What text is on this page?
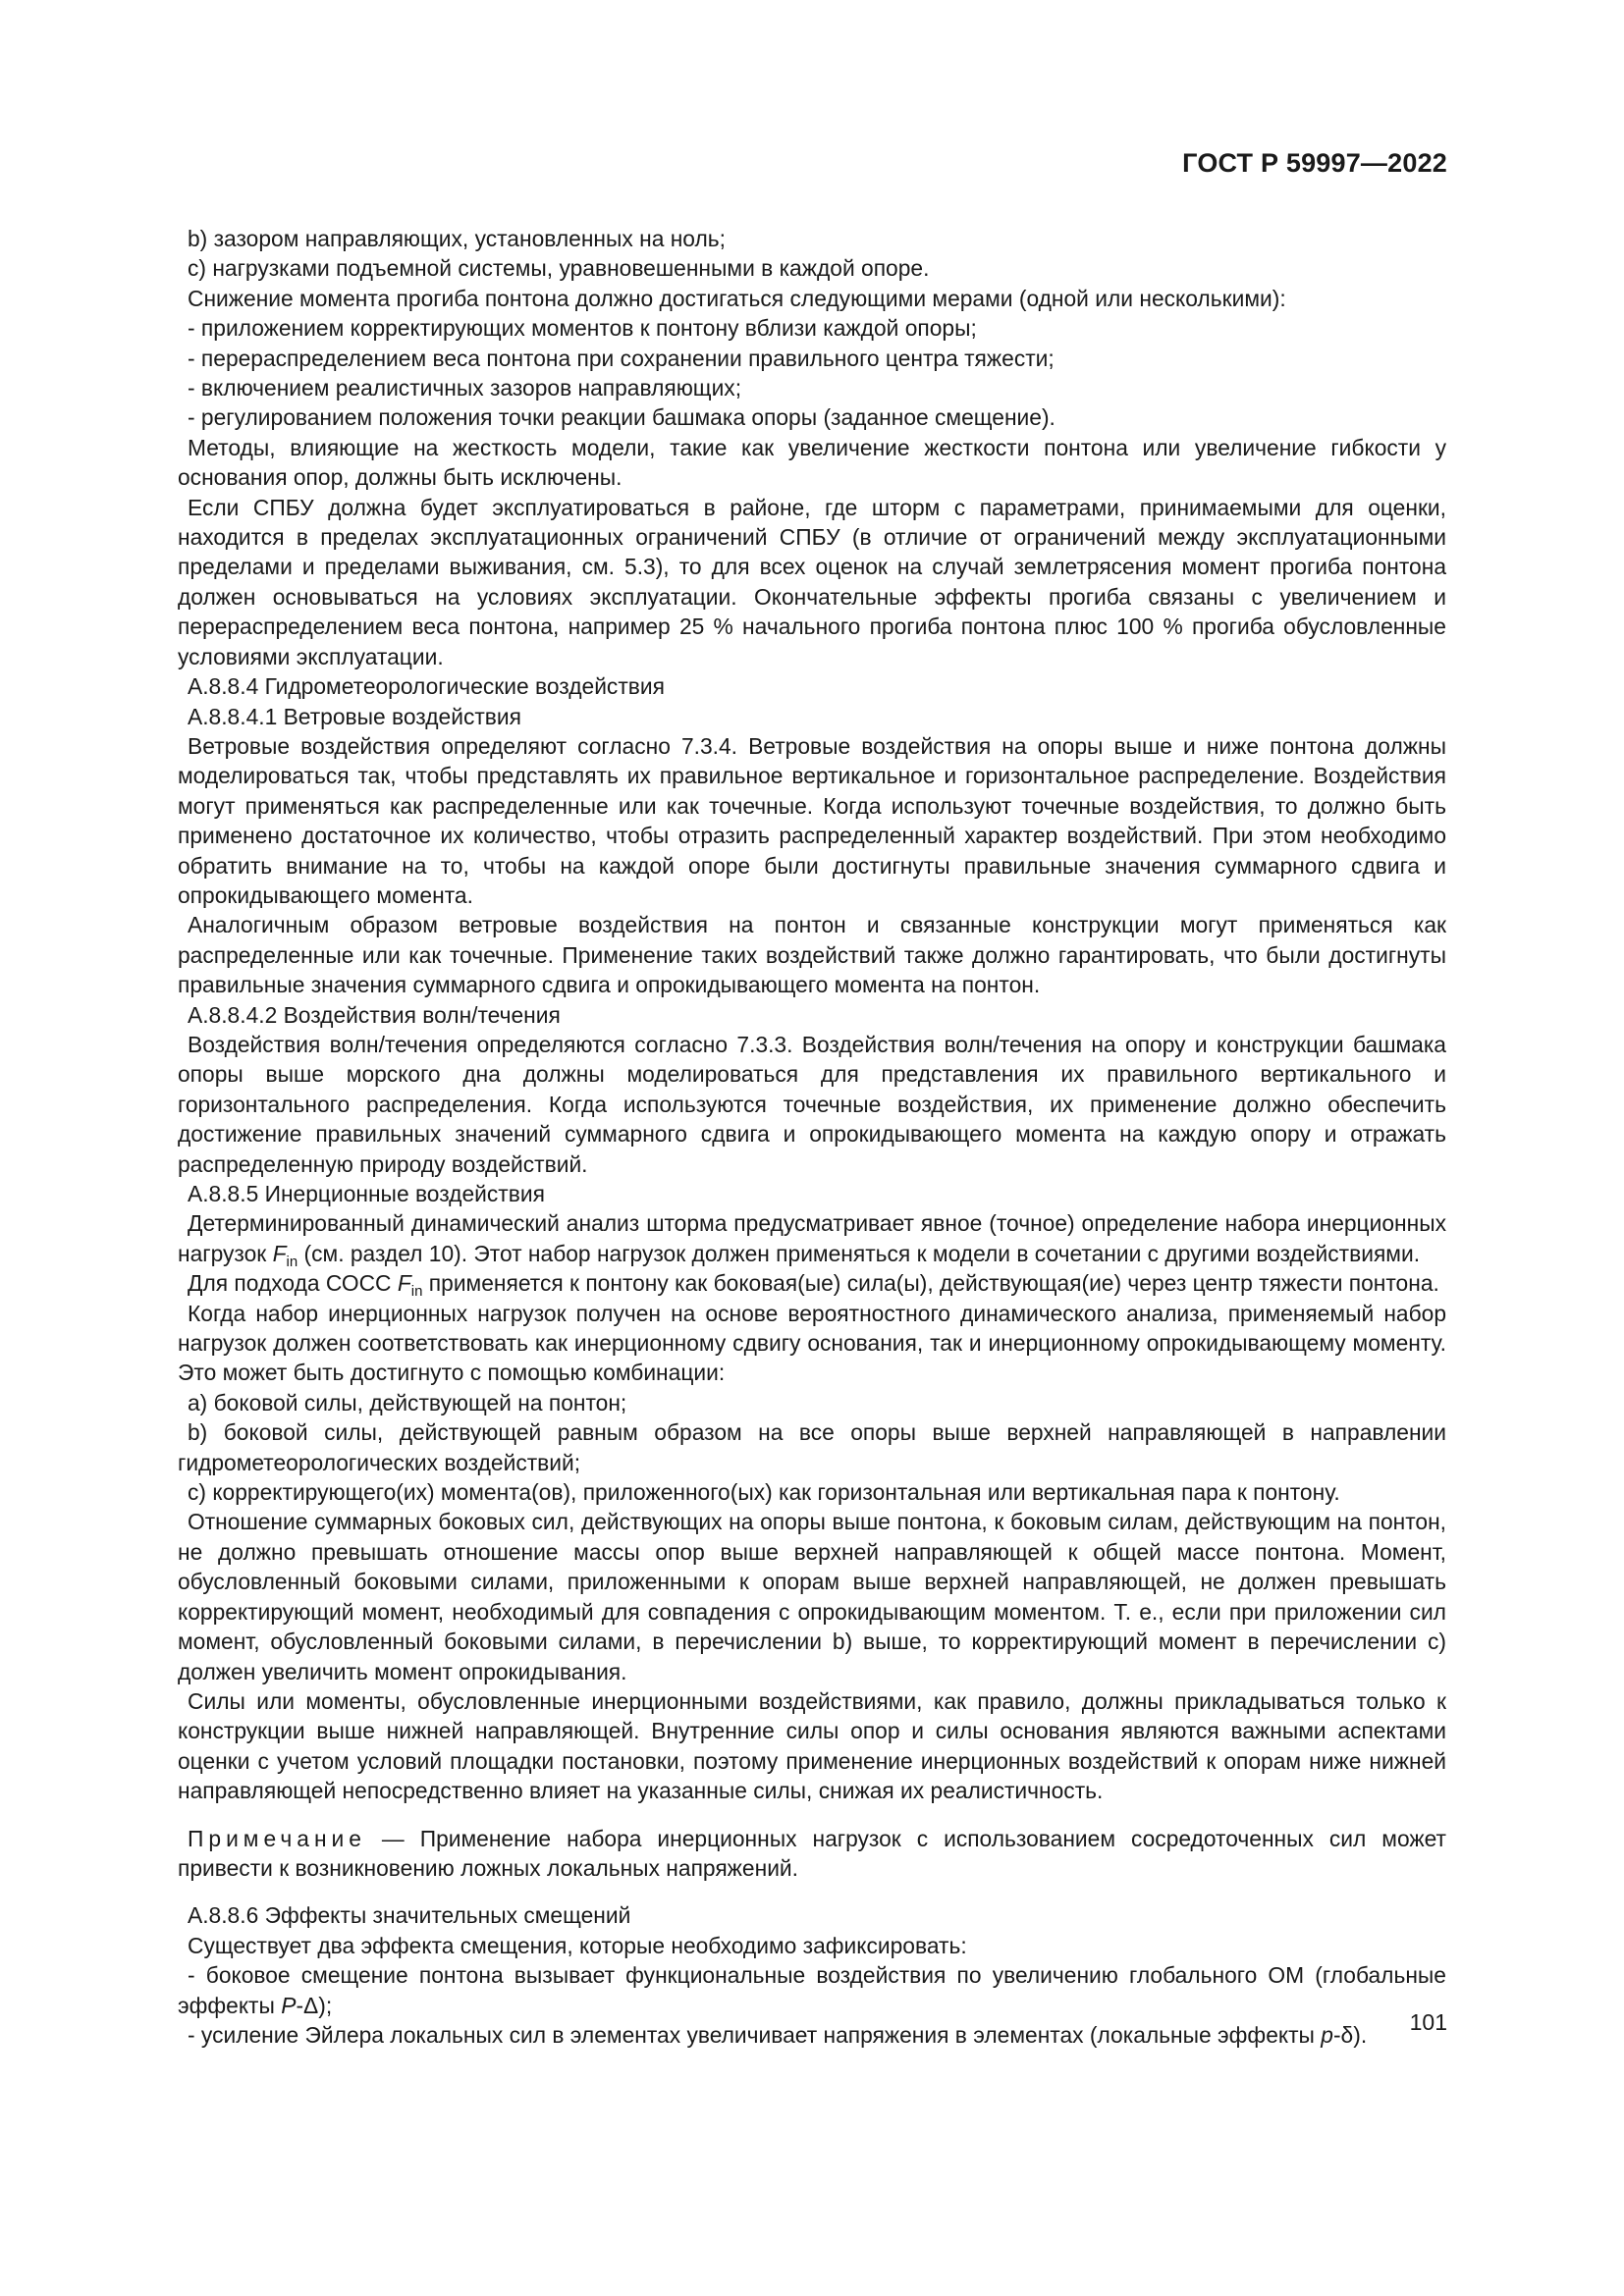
ГОСТ Р 59997—2022

b) зазором направляющих, установленных на ноль;

c) нагрузками подъемной системы, уравновешенными в каждой опоре.

Снижение момента прогиба понтона должно достигаться следующими мерами (одной или несколькими):

- приложением корректирующих моментов к понтону вблизи каждой опоры;

- перераспределением веса понтона при сохранении правильного центра тяжести;

- включением реалистичных зазоров направляющих;

- регулированием положения точки реакции башмака опоры (заданное смещение).

Методы, влияющие на жесткость модели, такие как увеличение жесткости понтона или увеличение гибкости у основания опор, должны быть исключены.

Если СПБУ должна будет эксплуатироваться в районе, где шторм с параметрами, принимаемыми для оценки, находится в пределах эксплуатационных ограничений СПБУ (в отличие от ограничений между эксплуатационными пределами и пределами выживания, см. 5.3), то для всех оценок на случай землетрясения момент прогиба понтона должен основываться на условиях эксплуатации. Окончательные эффекты прогиба связаны с увеличением и перераспределением веса понтона, например 25 % начального прогиба понтона плюс 100 % прогиба обусловленные условиями эксплуатации.

А.8.8.4 Гидрометеорологические воздействия

А.8.8.4.1 Ветровые воздействия

Ветровые воздействия определяют согласно 7.3.4. Ветровые воздействия на опоры выше и ниже понтона должны моделироваться так, чтобы представлять их правильное вертикальное и горизонтальное распределение. Воздействия могут применяться как распределенные или как точечные. Когда используют точечные воздействия, то должно быть применено достаточное их количество, чтобы отразить распределенный характер воздействий. При этом необходимо обратить внимание на то, чтобы на каждой опоре были достигнуты правильные значения суммарного сдвига и опрокидывающего момента.

Аналогичным образом ветровые воздействия на понтон и связанные конструкции могут применяться как распределенные или как точечные. Применение таких воздействий также должно гарантировать, что были достигнуты правильные значения суммарного сдвига и опрокидывающего момента на понтон.

А.8.8.4.2 Воздействия волн/течения

Воздействия волн/течения определяются согласно 7.3.3. Воздействия волн/течения на опору и конструкции башмака опоры выше морского дна должны моделироваться для представления их правильного вертикального и горизонтального распределения. Когда используются точечные воздействия, их применение должно обеспечить достижение правильных значений суммарного сдвига и опрокидывающего момента на каждую опору и отражать распределенную природу воздействий.

А.8.8.5 Инерционные воздействия

Детерминированный динамический анализ шторма предусматривает явное (точное) определение набора инерционных нагрузок $F_{in}$ (см. раздел 10). Этот набор нагрузок должен применяться к модели в сочетании с другими воздействиями.

Для подхода СОСС $F_{in}$ применяется к понтону как боковая(ые) сила(ы), действующая(ие) через центр тяжести понтона.

Когда набор инерционных нагрузок получен на основе вероятностного динамического анализа, применяемый набор нагрузок должен соответствовать как инерционному сдвигу основания, так и инерционному опрокидывающему моменту. Это может быть достигнуто с помощью комбинации:

a) боковой силы, действующей на понтон;

b) боковой силы, действующей равным образом на все опоры выше верхней направляющей в направлении гидрометеорологических воздействий;

c) корректирующего(их) момента(ов), приложенного(ых) как горизонтальная или вертикальная пара к понтону.

Отношение суммарных боковых сил, действующих на опоры выше понтона, к боковым силам, действующим на понтон, не должно превышать отношение массы опор выше верхней направляющей к общей массе понтона. Момент, обусловленный боковыми силами, приложенными к опорам выше верхней направляющей, не должен превышать корректирующий момент, необходимый для совпадения с опрокидывающим моментом. Т. е., если при приложении сил момент, обусловленный боковыми силами, в перечислении b) выше, то корректирующий момент в перечислении c) должен увеличить момент опрокидывания.

Силы или моменты, обусловленные инерционными воздействиями, как правило, должны прикладываться только к конструкции выше нижней направляющей. Внутренние силы опор и силы основания являются важными аспектами оценки с учетом условий площадки постановки, поэтому применение инерционных воздействий к опорам ниже нижней направляющей непосредственно влияет на указанные силы, снижая их реалистичность.

Примечание — Применение набора инерционных нагрузок с использованием сосредоточенных сил может привести к возникновению ложных локальных напряжений.

А.8.8.6 Эффекты значительных смещений

Существует два эффекта смещения, которые необходимо зафиксировать:

- боковое смещение понтона вызывает функциональные воздействия по увеличению глобального ОМ (глобальные эффекты P-Δ);

- усиление Эйлера локальных сил в элементах увеличивает напряжения в элементах (локальные эффекты p-δ).	101
